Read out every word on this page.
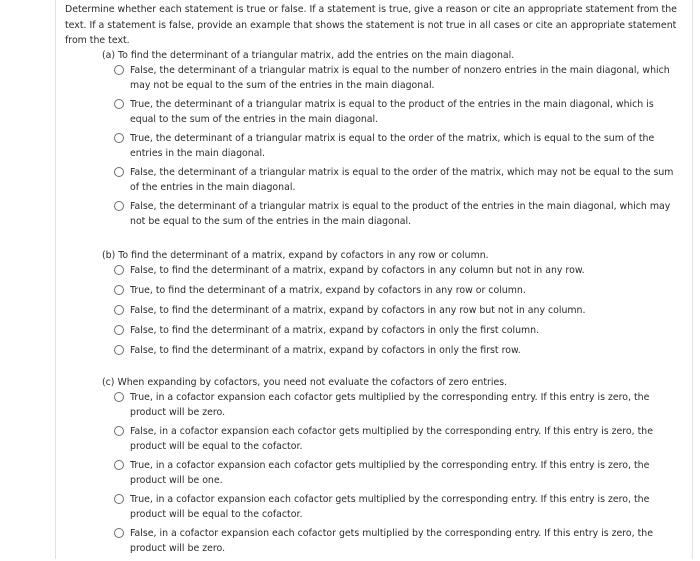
Determine whether each statement is true or false. If a statement is true, give a reason or cite an appropriate statement from the text. If a statement is false, provide an example that shows the statement is not true in all cases or cite an appropriate statement from the text.

(a) To find the determinant of a triangular matrix, add the entries on the main diagonal.

False, the determinant of a triangular matrix is equal to the number of nonzero entries in the main diagonal, which may not be equal to the sum of the entries in the main diagonal.
True, the determinant of a triangular matrix is equal to the product of the entries in the main diagonal, which is equal to the sum of the entries in the main diagonal.
True, the determinant of a triangular matrix is equal to the order of the matrix, which is equal to the sum of the entries in the main diagonal.
False, the determinant of a triangular matrix is equal to the order of the matrix, which may not be equal to the sum of the entries in the main diagonal.
False, the determinant of a triangular matrix is equal to the product of the entries in the main diagonal, which may not be equal to the sum of the entries in the main diagonal.

(b) To find the determinant of a matrix, expand by cofactors in any row or column.

False, to find the determinant of a matrix, expand by cofactors in any column but not in any row.
True, to find the determinant of a matrix, expand by cofactors in any row or column.
False, to find the determinant of a matrix, expand by cofactors in any row but not in any column.
False, to find the determinant of a matrix, expand by cofactors in only the first column.
False, to find the determinant of a matrix, expand by cofactors in only the first row.

(c) When expanding by cofactors, you need not evaluate the cofactors of zero entries.

True, in a cofactor expansion each cofactor gets multiplied by the corresponding entry. If this entry is zero, the product will be zero.
False, in a cofactor expansion each cofactor gets multiplied by the corresponding entry. If this entry is zero, the product will be equal to the cofactor.
True, in a cofactor expansion each cofactor gets multiplied by the corresponding entry. If this entry is zero, the product will be one.
True, in a cofactor expansion each cofactor gets multiplied by the corresponding entry. If this entry is zero, the product will be equal to the cofactor.
False, in a cofactor expansion each cofactor gets multiplied by the corresponding entry. If this entry is zero, the product will be zero.
